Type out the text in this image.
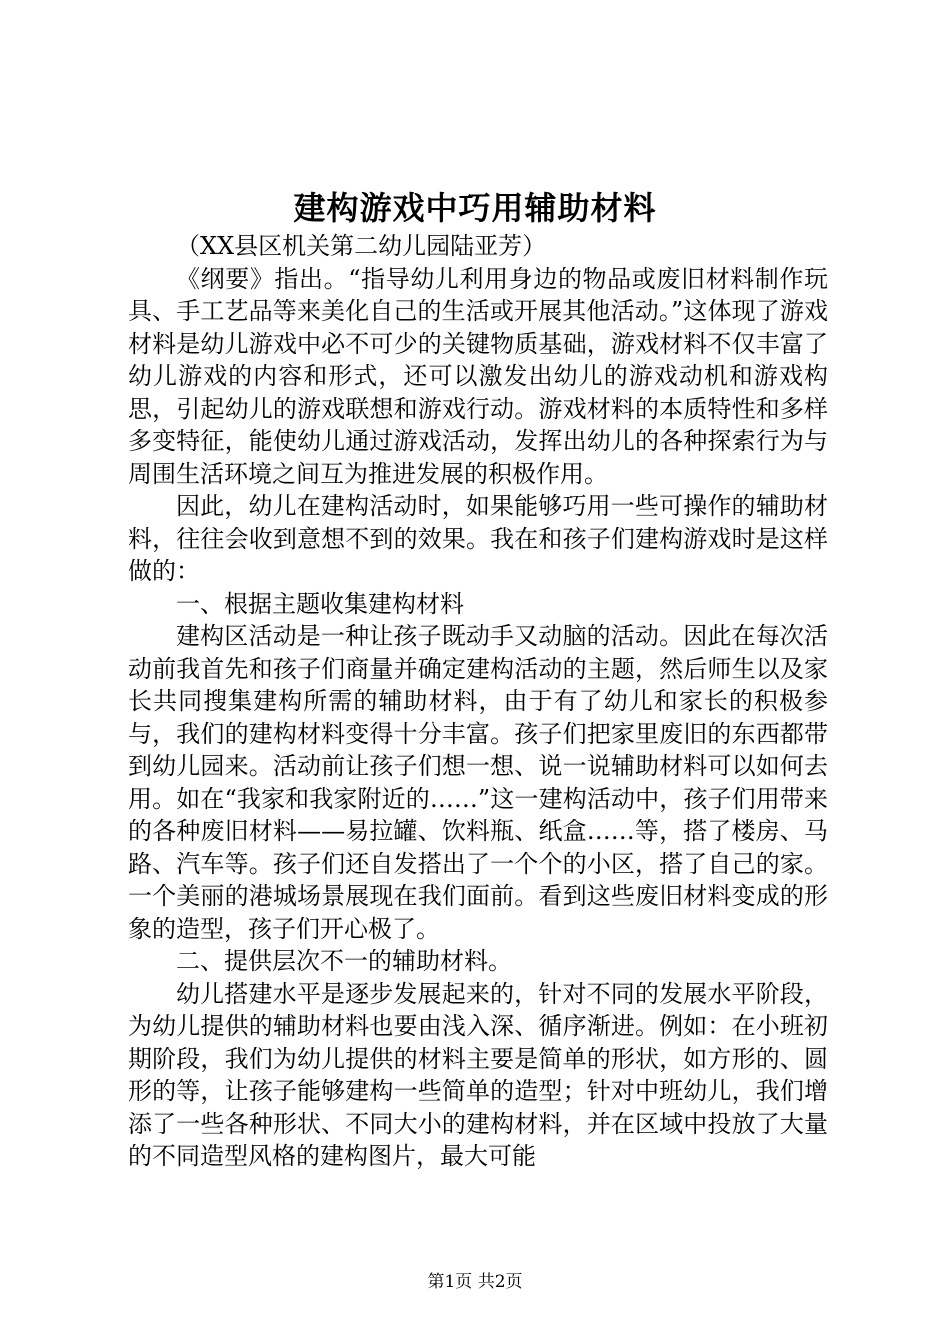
建构游戏中巧用辅助材料

（XX县区机关第二幼儿园陆亚芳）

《纲要》指出。“指导幼儿利用身边的物品或废旧材料制作玩具、手工艺品等来美化自己的生活或开展其他活动。”这体现了游戏材料是幼儿游戏中必不可少的关键物质基础，游戏材料不仅丰富了幼儿游戏的内容和形式，还可以激发出幼儿的游戏动机和游戏构思，引起幼儿的游戏联想和游戏行动。游戏材料的本质特性和多样多变特征，能使幼儿通过游戏活动，发挥出幼儿的各种探索行为与周围生活环境之间互为推进发展的积极作用。

因此，幼儿在建构活动时，如果能够巧用一些可操作的辅助材料，往往会收到意想不到的效果。我在和孩子们建构游戏时是这样做的：

一、根据主题收集建构材料

建构区活动是一种让孩子既动手又动脑的活动。因此在每次活动前我首先和孩子们商量并确定建构活动的主题，然后师生以及家长共同搜集建构所需的辅助材料，由于有了幼儿和家长的积极参与，我们的建构材料变得十分丰富。孩子们把家里废旧的东西都带到幼儿园来。活动前让孩子们想一想、说一说辅助材料可以如何去用。如在“我家和我家附近的……”这一建构活动中，孩子们用带来的各种废旧材料——易拉罐、饮料瓶、纸盒……等，搭了楼房、马路、汽车等。孩子们还自发搭出了一个个的小区，搭了自己的家。一个美丽的港城场景展现在我们面前。看到这些废旧材料变成的形象的造型，孩子们开心极了。

二、提供层次不一的辅助材料。

幼儿搭建水平是逐步发展起来的，针对不同的发展水平阶段，为幼儿提供的辅助材料也要由浅入深、循序渐进。例如：在小班初期阶段，我们为幼儿提供的材料主要是简单的形状，如方形的、圆形的等，让孩子能够建构一些简单的造型；针对中班幼儿，我们增添了一些各种形状、不同大小的建构材料，并在区域中投放了大量的不同造型风格的建构图片，最大可能

第1页 共2页
